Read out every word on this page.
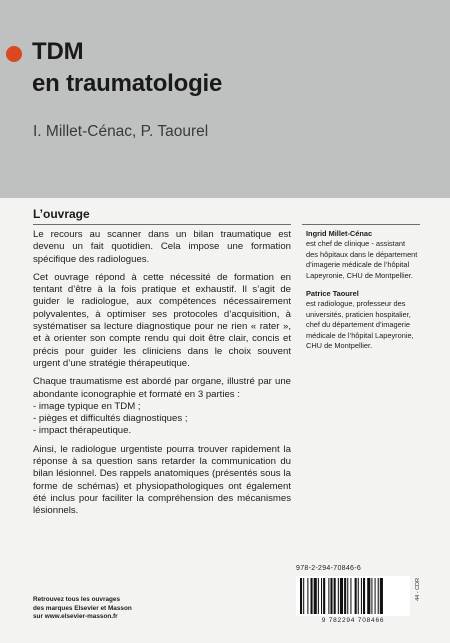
TDM
en traumatologie
I. Millet-Cénac, P. Taourel
L’ouvrage

Le recours au scanner dans un bilan traumatique est devenu un fait quotidien. Cela impose une formation spécifique des radiologues.

Cet ouvrage répond à cette nécessité de formation en tentant d’être à la fois pratique et exhaustif. Il s’agit de guider le radiologue, aux compétences nécessairement polyvalentes, à optimiser ses protocoles d’acquisition, à systématiser sa lecture diagnostique pour ne rien « rater », et à orienter son compte rendu qui doit être clair, concis et précis pour guider les cliniciens dans le choix souvent urgent d’une stratégie thérapeutique.

Chaque traumatisme est abordé par organe, illustré par une abondante iconographie et formaté en 3 parties :

- image typique en TDM ;
- pièges et difficultés diagnostiques ;
- impact thérapeutique.

Ainsi, le radiologue urgentiste pourra trouver rapidement la réponse à sa question sans retarder la communication du bilan lésionnel. Des rappels anatomiques (présentés sous la forme de schémas) et physiopathologiques ont également été inclus pour faciliter la compréhension des mécanismes lésionnels.

Ingrid Millet-Cénac
est chef de clinique - assistant des hôpitaux dans le département d’imagerie médicale de l’hôpital Lapeyronie, CHU de Montpellier.
Patrice Taourel
est radiologue, professeur des universités, praticien hospitalier, chef du département d’imagerie médicale de l’hôpital Lapeyronie, CHU de Montpellier.
Retrouvez tous les ouvrages
des marques Elsevier et Masson
sur www.elsevier-masson.fr
978-2-294-70846-6
9 782294 708466
44 - CDR
